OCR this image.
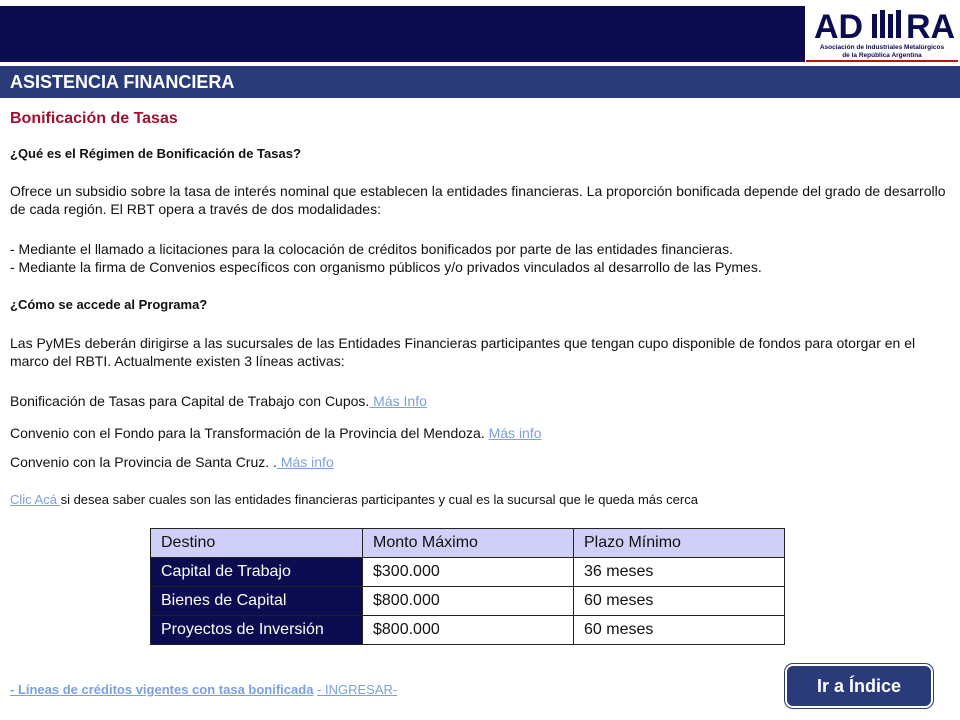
AD RA
Asociación de Industriales Metalúrgicos
de la República Argentina
ASISTENCIA FINANCIERA
Bonificación de Tasas
¿Qué es el Régimen de Bonificación de Tasas?
Ofrece un subsidio sobre la tasa de interés nominal que establecen la entidades financieras. La proporción bonificada depende del grado de desarrollo de cada región. El RBT opera a través de dos modalidades:
- Mediante el llamado a licitaciones para la colocación de créditos bonificados por parte de las entidades financieras.
- Mediante la firma de Convenios específicos con organismo públicos y/o privados vinculados al desarrollo de las Pymes.
¿Cómo se accede al Programa?
Las PyMEs deberán dirigirse a las sucursales de las Entidades Financieras participantes que tengan cupo disponible de fondos para otorgar en el marco del RBTI. Actualmente existen 3 líneas activas:
Bonificación de Tasas para Capital de Trabajo con Cupos. Más Info
Convenio con el Fondo para la Transformación de la Provincia del Mendoza. Más info
Convenio con la Provincia de Santa Cruz. . Más info
Clic Acá si desea saber cuales son las entidades financieras participantes y cual es la sucursal que le queda más cerca
Destino	Monto Máximo	Plazo Mínimo
Capital de Trabajo	$300.000	36 meses
Bienes de Capital	$800.000	60 meses
Proyectos de Inversión	$800.000	60 meses
- Líneas de créditos vigentes con tasa bonificada - INGRESAR-	Ir a Índice
